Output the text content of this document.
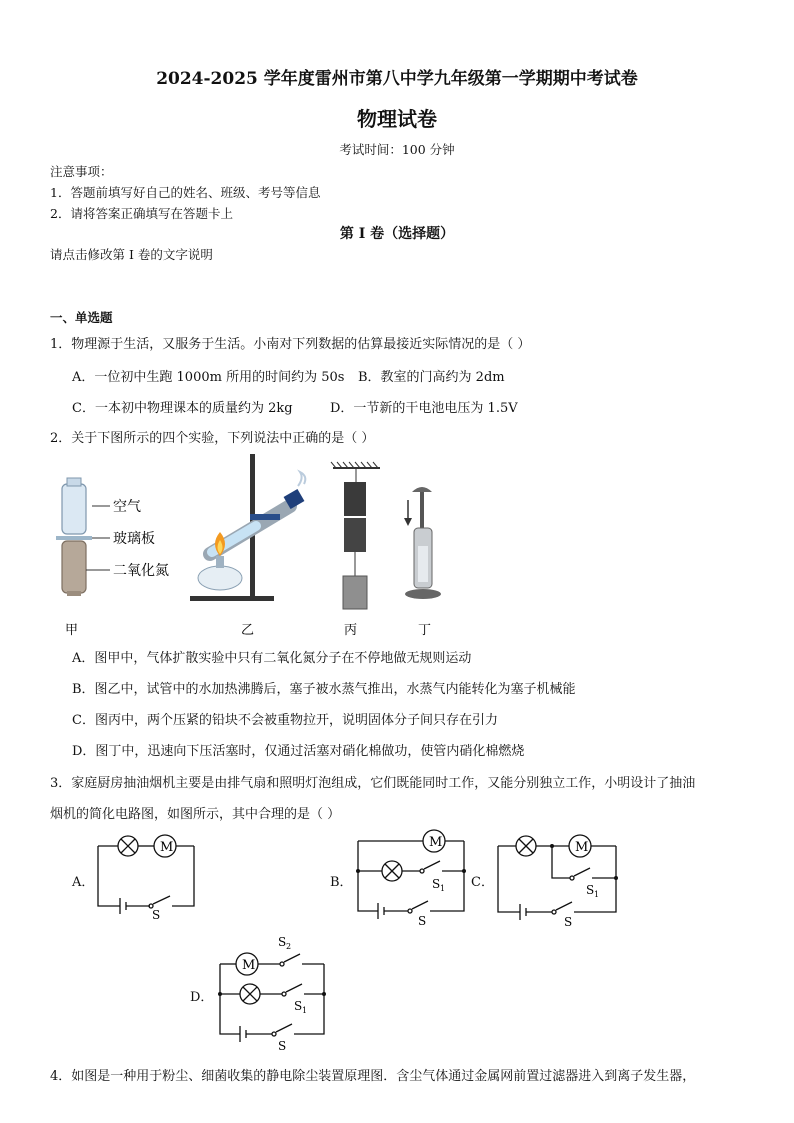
2024-2025 学年度雷州市第八中学九年级第一学期期中考试卷
物理试卷
考试时间：100 分钟
注意事项：
1．答题前填写好自己的姓名、班级、考号等信息
2．请将答案正确填写在答题卡上
第 I 卷（选择题）
请点击修改第 I 卷的文字说明
一、单选题
1．物理源于生活，又服务于生活。小南对下列数据的估算最接近实际情况的是（ ）
A．一位初中生跑 1000m 所用的时间约为 50s B．教室的门高约为 2dm
C．一本初中物理课本的质量约为 2kg	D．一节新的干电池电压为 1.5V
2．关于下图所示的四个实验，下列说法中正确的是（ ）
空气
玻璃板
二氧化氮
甲	乙	丙	丁
A．图甲中，气体扩散实验中只有二氧化氮分子在不停地做无规则运动
B．图乙中，试管中的水加热沸腾后，塞子被水蒸气推出，水蒸气内能转化为塞子机械能
C．图丙中，两个压紧的铅块不会被重物拉开，说明固体分子间只存在引力
D．图丁中，迅速向下压活塞时，仅通过活塞对硝化棉做功，使管内硝化棉燃烧
3．家庭厨房抽油烟机主要是由排气扇和照明灯泡组成，它们既能同时工作，又能分别独立工作，小明设计了抽油
烟机的简化电路图，如图所示，其中合理的是（ ）
A．
M
S
B．
M
S 1
S
C．
M
S 1
S
D．
M
S 2
S 1
S
4．如图是一种用于粉尘、细菌收集的静电除尘装置原理图．含尘气体通过金属网前置过滤器进入到离子发生器，
